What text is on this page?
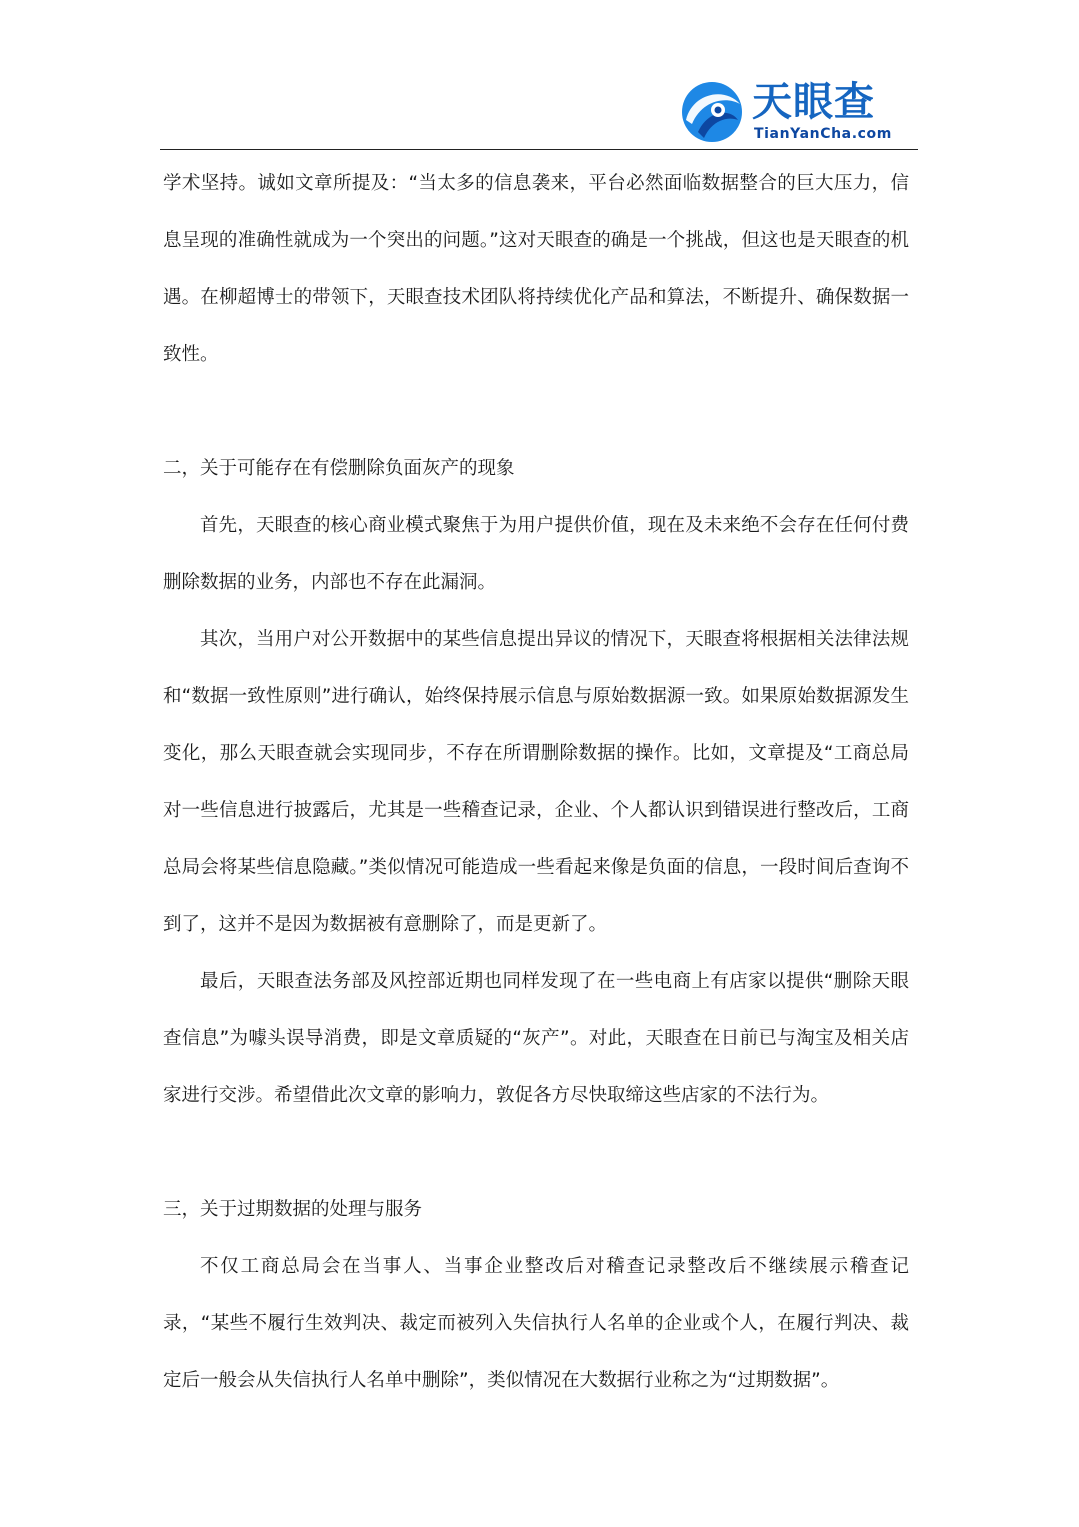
天眼查
TianYanCha.com

学术坚持。诚如文章所提及：“当太多的信息袭来，平台必然面临数据整合的巨大压力，信息呈现的准确性就成为一个突出的问题。”这对天眼查的确是一个挑战，但这也是天眼查的机遇。在柳超博士的带领下，天眼查技术团队将持续优化产品和算法，不断提升、确保数据一致性。

二，关于可能存在有偿删除负面灰产的现象

首先，天眼查的核心商业模式聚焦于为用户提供价值，现在及未来绝不会存在任何付费删除数据的业务，内部也不存在此漏洞。

其次，当用户对公开数据中的某些信息提出异议的情况下，天眼查将根据相关法律法规和“数据一致性原则”进行确认，始终保持展示信息与原始数据源一致。如果原始数据源发生变化，那么天眼查就会实现同步，不存在所谓删除数据的操作。比如，文章提及“工商总局对一些信息进行披露后，尤其是一些稽查记录，企业、个人都认识到错误进行整改后，工商总局会将某些信息隐藏。”类似情况可能造成一些看起来像是负面的信息，一段时间后查询不到了，这并不是因为数据被有意删除了，而是更新了。

最后，天眼查法务部及风控部近期也同样发现了在一些电商上有店家以提供“删除天眼查信息”为噱头误导消费，即是文章质疑的“灰产”。对此，天眼查在日前已与淘宝及相关店家进行交涉。希望借此次文章的影响力，敦促各方尽快取缔这些店家的不法行为。

三，关于过期数据的处理与服务

不仅工商总局会在当事人、当事企业整改后对稽查记录整改后不继续展示稽查记录，“某些不履行生效判决、裁定而被列入失信执行人名单的企业或个人，在履行判决、裁定后一般会从失信执行人名单中删除”，类似情况在大数据行业称之为“过期数据”。
